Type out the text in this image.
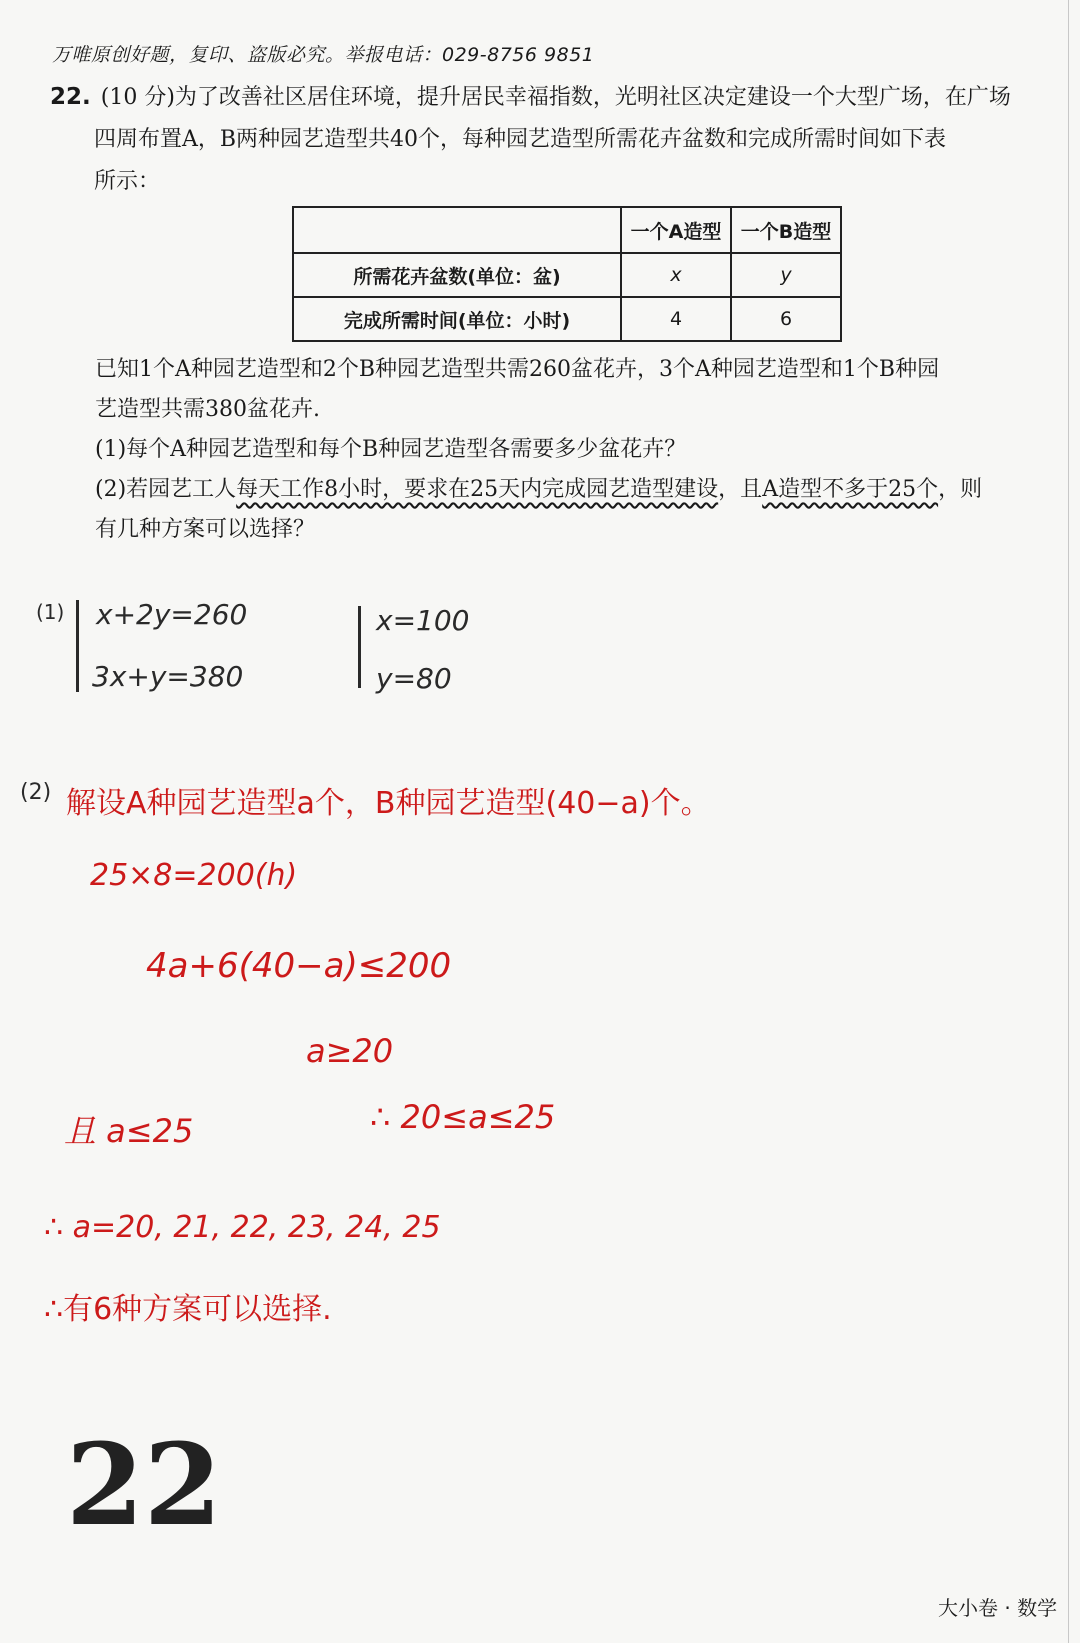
万唯原创好题，复印、盗版必究。举报电话：029-8756 9851
22. (10 分)为了改善社区居住环境，提升居民幸福指数，光明社区决定建设一个大型广场，在广场
四周布置A，B两种园艺造型共40个，每种园艺造型所需花卉盆数和完成所需时间如下表
所示：
	一个A造型	一个B造型
所需花卉盆数(单位：盆)	x	y
完成所需时间(单位：小时)	4	6

已知1个A种园艺造型和2个B种园艺造型共需260盆花卉，3个A种园艺造型和1个B种园

艺造型共需380盆花卉.

(1)每个A种园艺造型和每个B种园艺造型各需要多少盆花卉？

(2)若园艺工人每天工作8小时，要求在25天内完成园艺造型建设，且A造型不多于25个，则

有几种方案可以选择？

(1) x+2y=260
3x+y=380
x=100
y=80
(2) 解设A种园艺造型a个，B种园艺造型(40−a)个。
25×8=200(h)
4a+6(40−a)≤200
a≥20
且 a≤25	∴ 20≤a≤25
∴ a=20, 21, 22, 23, 24, 25
∴有6种方案可以选择.
22
大小卷 · 数学
